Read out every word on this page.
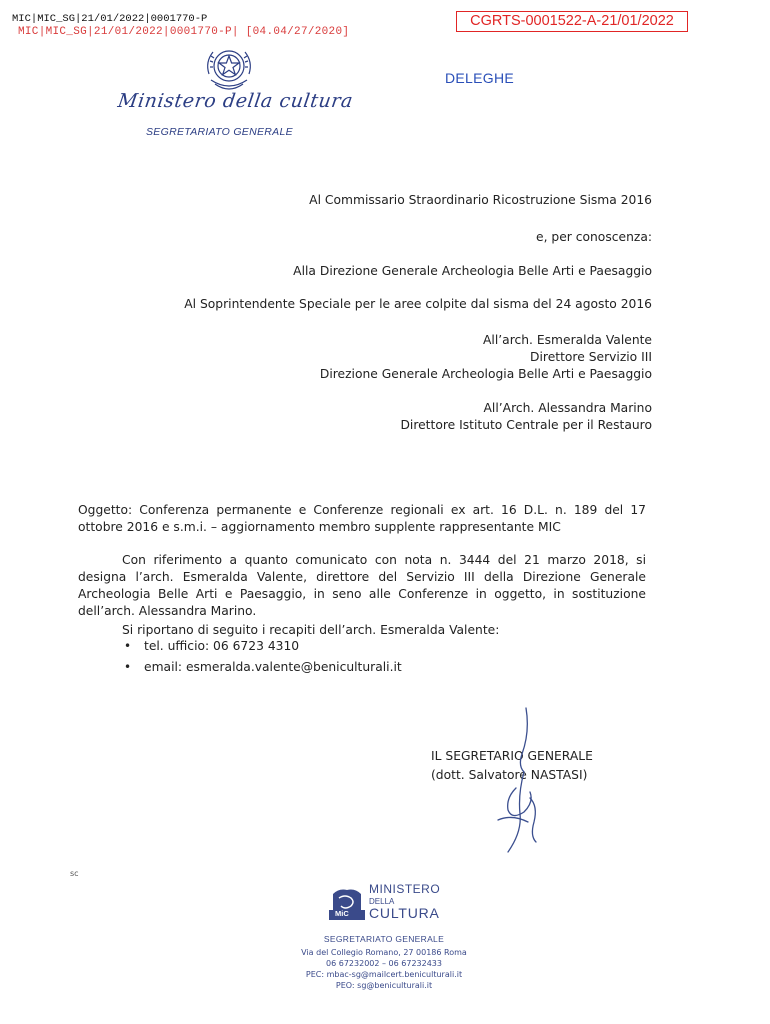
MIC|MIC_SG|21/01/2022|0001770-P
MIC|MIC_SG|21/01/2022|0001770-P| [04.04/27/2020]
CGRTS-0001522-A-21/01/2022
DELEGHE
Ministero della cultura
SEGRETARIATO GENERALE
Al Commissario Straordinario Ricostruzione Sisma 2016
e, per conoscenza:
Alla Direzione Generale Archeologia Belle Arti e Paesaggio
Al Soprintendente Speciale per le aree colpite dal sisma del 24 agosto 2016
All’arch. Esmeralda Valente
Direttore Servizio III
Direzione Generale Archeologia Belle Arti e Paesaggio
All’Arch. Alessandra Marino
Direttore Istituto Centrale per il Restauro
Oggetto: Conferenza permanente e Conferenze regionali ex art. 16 D.L. n. 189 del 17 ottobre 2016 e s.m.i. – aggiornamento membro supplente rappresentante MIC
Con riferimento a quanto comunicato con nota n. 3444 del 21 marzo 2018, si designa l’arch. Esmeralda Valente, direttore del Servizio III della Direzione Generale Archeologia Belle Arti e Paesaggio, in seno alle Conferenze in oggetto, in sostituzione dell’arch. Alessandra Marino.
Si riportano di seguito i recapiti dell’arch. Esmeralda Valente:
• tel. ufficio: 06 6723 4310
• email: esmeralda.valente@beniculturali.it
IL SEGRETARIO GENERALE
(dott. Salvatore NASTASI)
sc
MiC
MINISTERO
DELLA
CULTURA
SEGRETARIATO GENERALE
Via del Collegio Romano, 27 00186 Roma
06 67232002 – 06 67232433
PEC: mbac-sg@mailcert.beniculturali.it
PEO: sg@beniculturali.it
